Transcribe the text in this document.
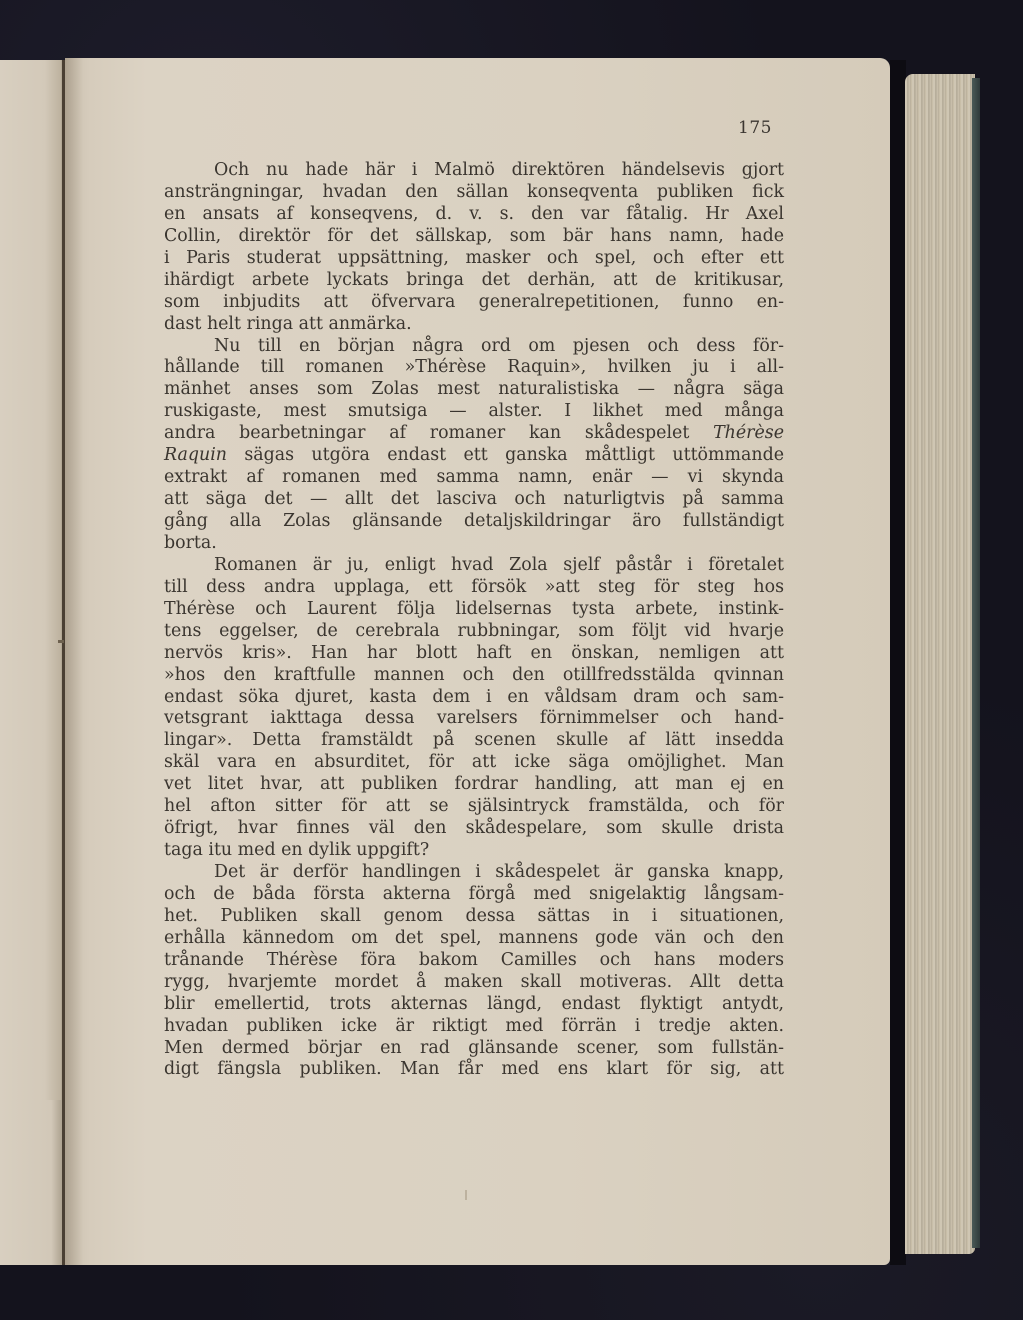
175
Och nu hade här i Malmö direktören händelsevis gjort
ansträngningar, hvadan den sällan konseqventa publiken fick
en ansats af konseqvens, d. v. s. den var fåtalig. Hr Axel
Collin, direktör för det sällskap, som bär hans namn, hade
i Paris studerat uppsättning, masker och spel, och efter ett
ihärdigt arbete lyckats bringa det derhän, att de kritikusar,
som inbjudits att öfvervara generalrepetitionen, funno en-
dast helt ringa att anmärka.
Nu till en början några ord om pjesen och dess för-
hållande till romanen »Thérèse Raquin», hvilken ju i all-
mänhet anses som Zolas mest naturalistiska — några säga
ruskigaste, mest smutsiga — alster. I likhet med många
andra bearbetningar af romaner kan skådespelet Thérèse
Raquin sägas utgöra endast ett ganska måttligt uttömmande
extrakt af romanen med samma namn, enär — vi skynda
att säga det — allt det lasciva och naturligtvis på samma
gång alla Zolas glänsande detaljskildringar äro fullständigt
borta.
Romanen är ju, enligt hvad Zola sjelf påstår i företalet
till dess andra upplaga, ett försök »att steg för steg hos
Thérèse och Laurent följa lidelsernas tysta arbete, instink-
tens eggelser, de cerebrala rubbningar, som följt vid hvarje
nervös kris». Han har blott haft en önskan, nemligen att
»hos den kraftfulle mannen och den otillfredsstälda qvinnan
endast söka djuret, kasta dem i en våldsam dram och sam-
vetsgrant iakttaga dessa varelsers förnimmelser och hand-
lingar». Detta framstäldt på scenen skulle af lätt insedda
skäl vara en absurditet, för att icke säga omöjlighet. Man
vet litet hvar, att publiken fordrar handling, att man ej en
hel afton sitter för att se själsintryck framstälda, och för
öfrigt, hvar finnes väl den skådespelare, som skulle drista
taga itu med en dylik uppgift?
Det är derför handlingen i skådespelet är ganska knapp,
och de båda första akterna förgå med snigelaktig långsam-
het. Publiken skall genom dessa sättas in i situationen,
erhålla kännedom om det spel, mannens gode vän och den
trånande Thérèse föra bakom Camilles och hans moders
rygg, hvarjemte mordet å maken skall motiveras. Allt detta
blir emellertid, trots akternas längd, endast flyktigt antydt,
hvadan publiken icke är riktigt med förrän i tredje akten.
Men dermed börjar en rad glänsande scener, som fullstän-
digt fängsla publiken. Man får med ens klart för sig, att
